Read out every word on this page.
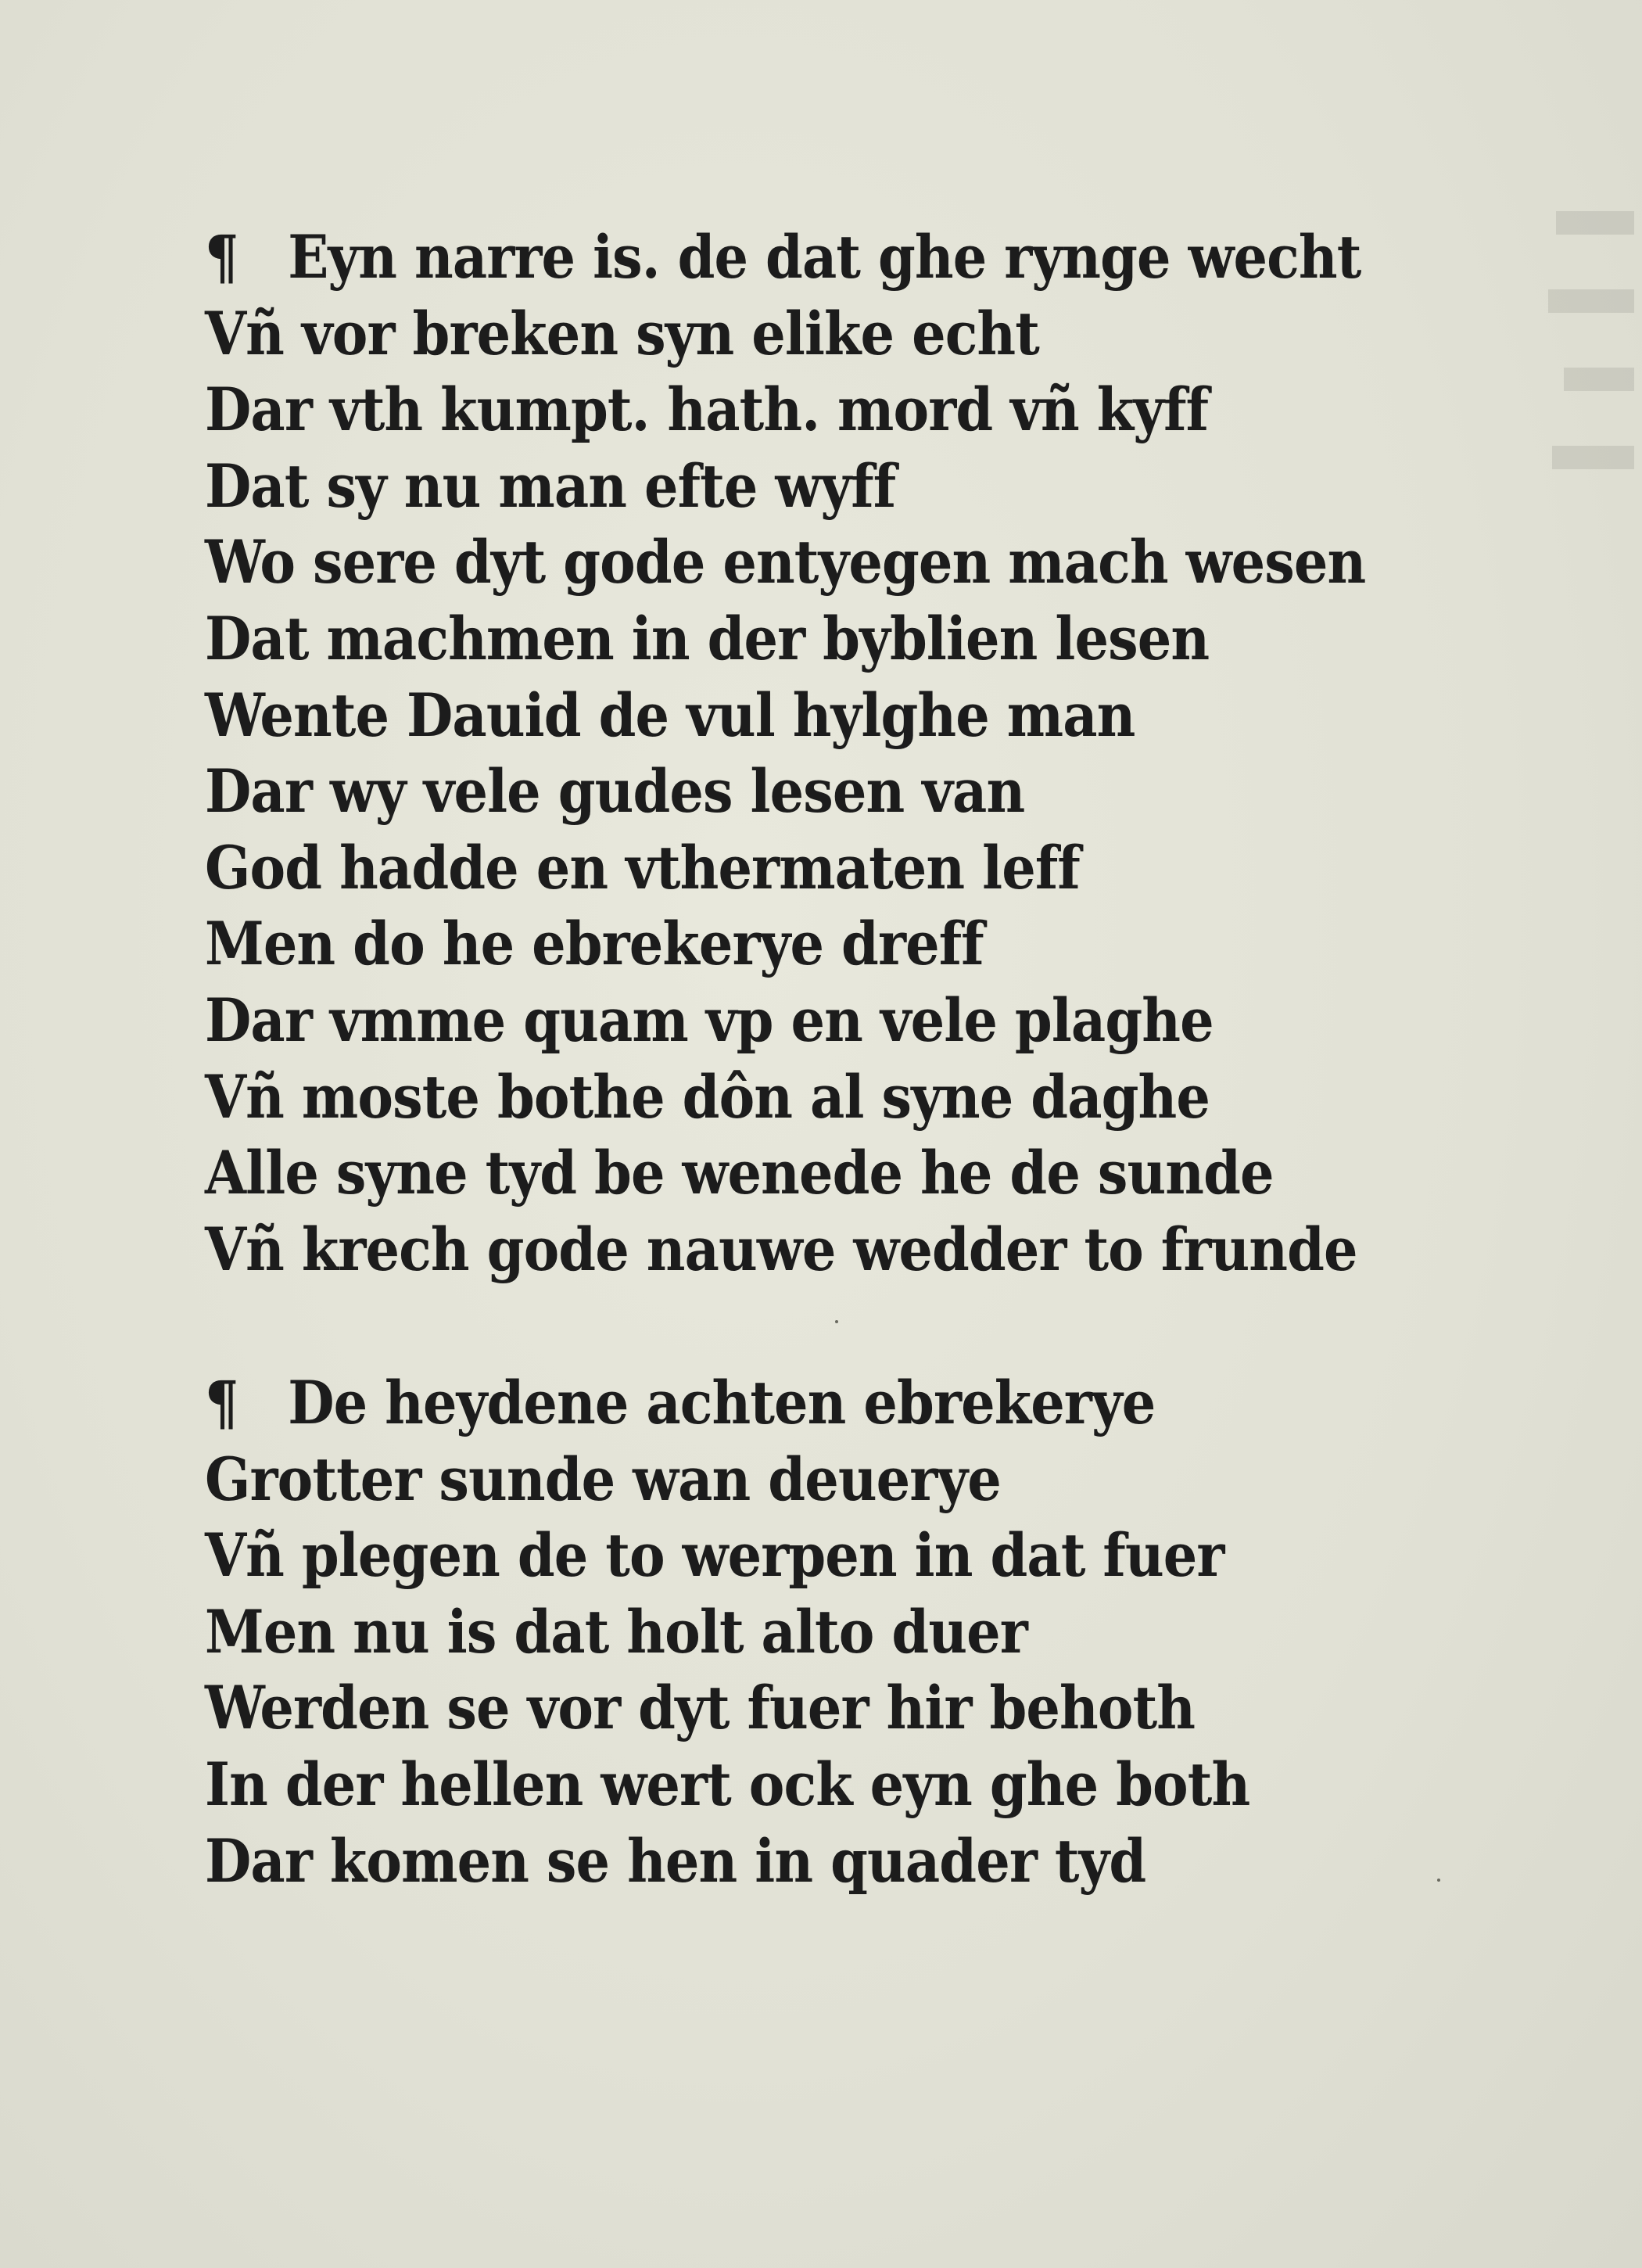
¶ Eyn narre is. de dat ghe rynge wecht
Vñ vor breken syn elike echt
Dar vth kumpt. hath. mord vñ kyff
Dat sy nu man efte wyff
Wo sere dyt gode entyegen mach wesen
Dat machmen in der byblien lesen
Wente Dauid de vul hylghe man
Dar wy vele gudes lesen van
God hadde en vthermaten leff
Men do he ebrekerye dreff
Dar vmme quam vp en vele plaghe
Vñ moste bothe dôn al syne daghe
Alle syne tyd be wenede he de sunde
Vñ krech gode nauwe wedder to frunde
¶ De heydene achten ebrekerye
Grotter sunde wan deuerye
Vñ plegen de to werpen in dat fuer
Men nu is dat holt alto duer
Werden se vor dyt fuer hir behoth
In der hellen wert ock eyn ghe both
Dar komen se hen in quader tyd
